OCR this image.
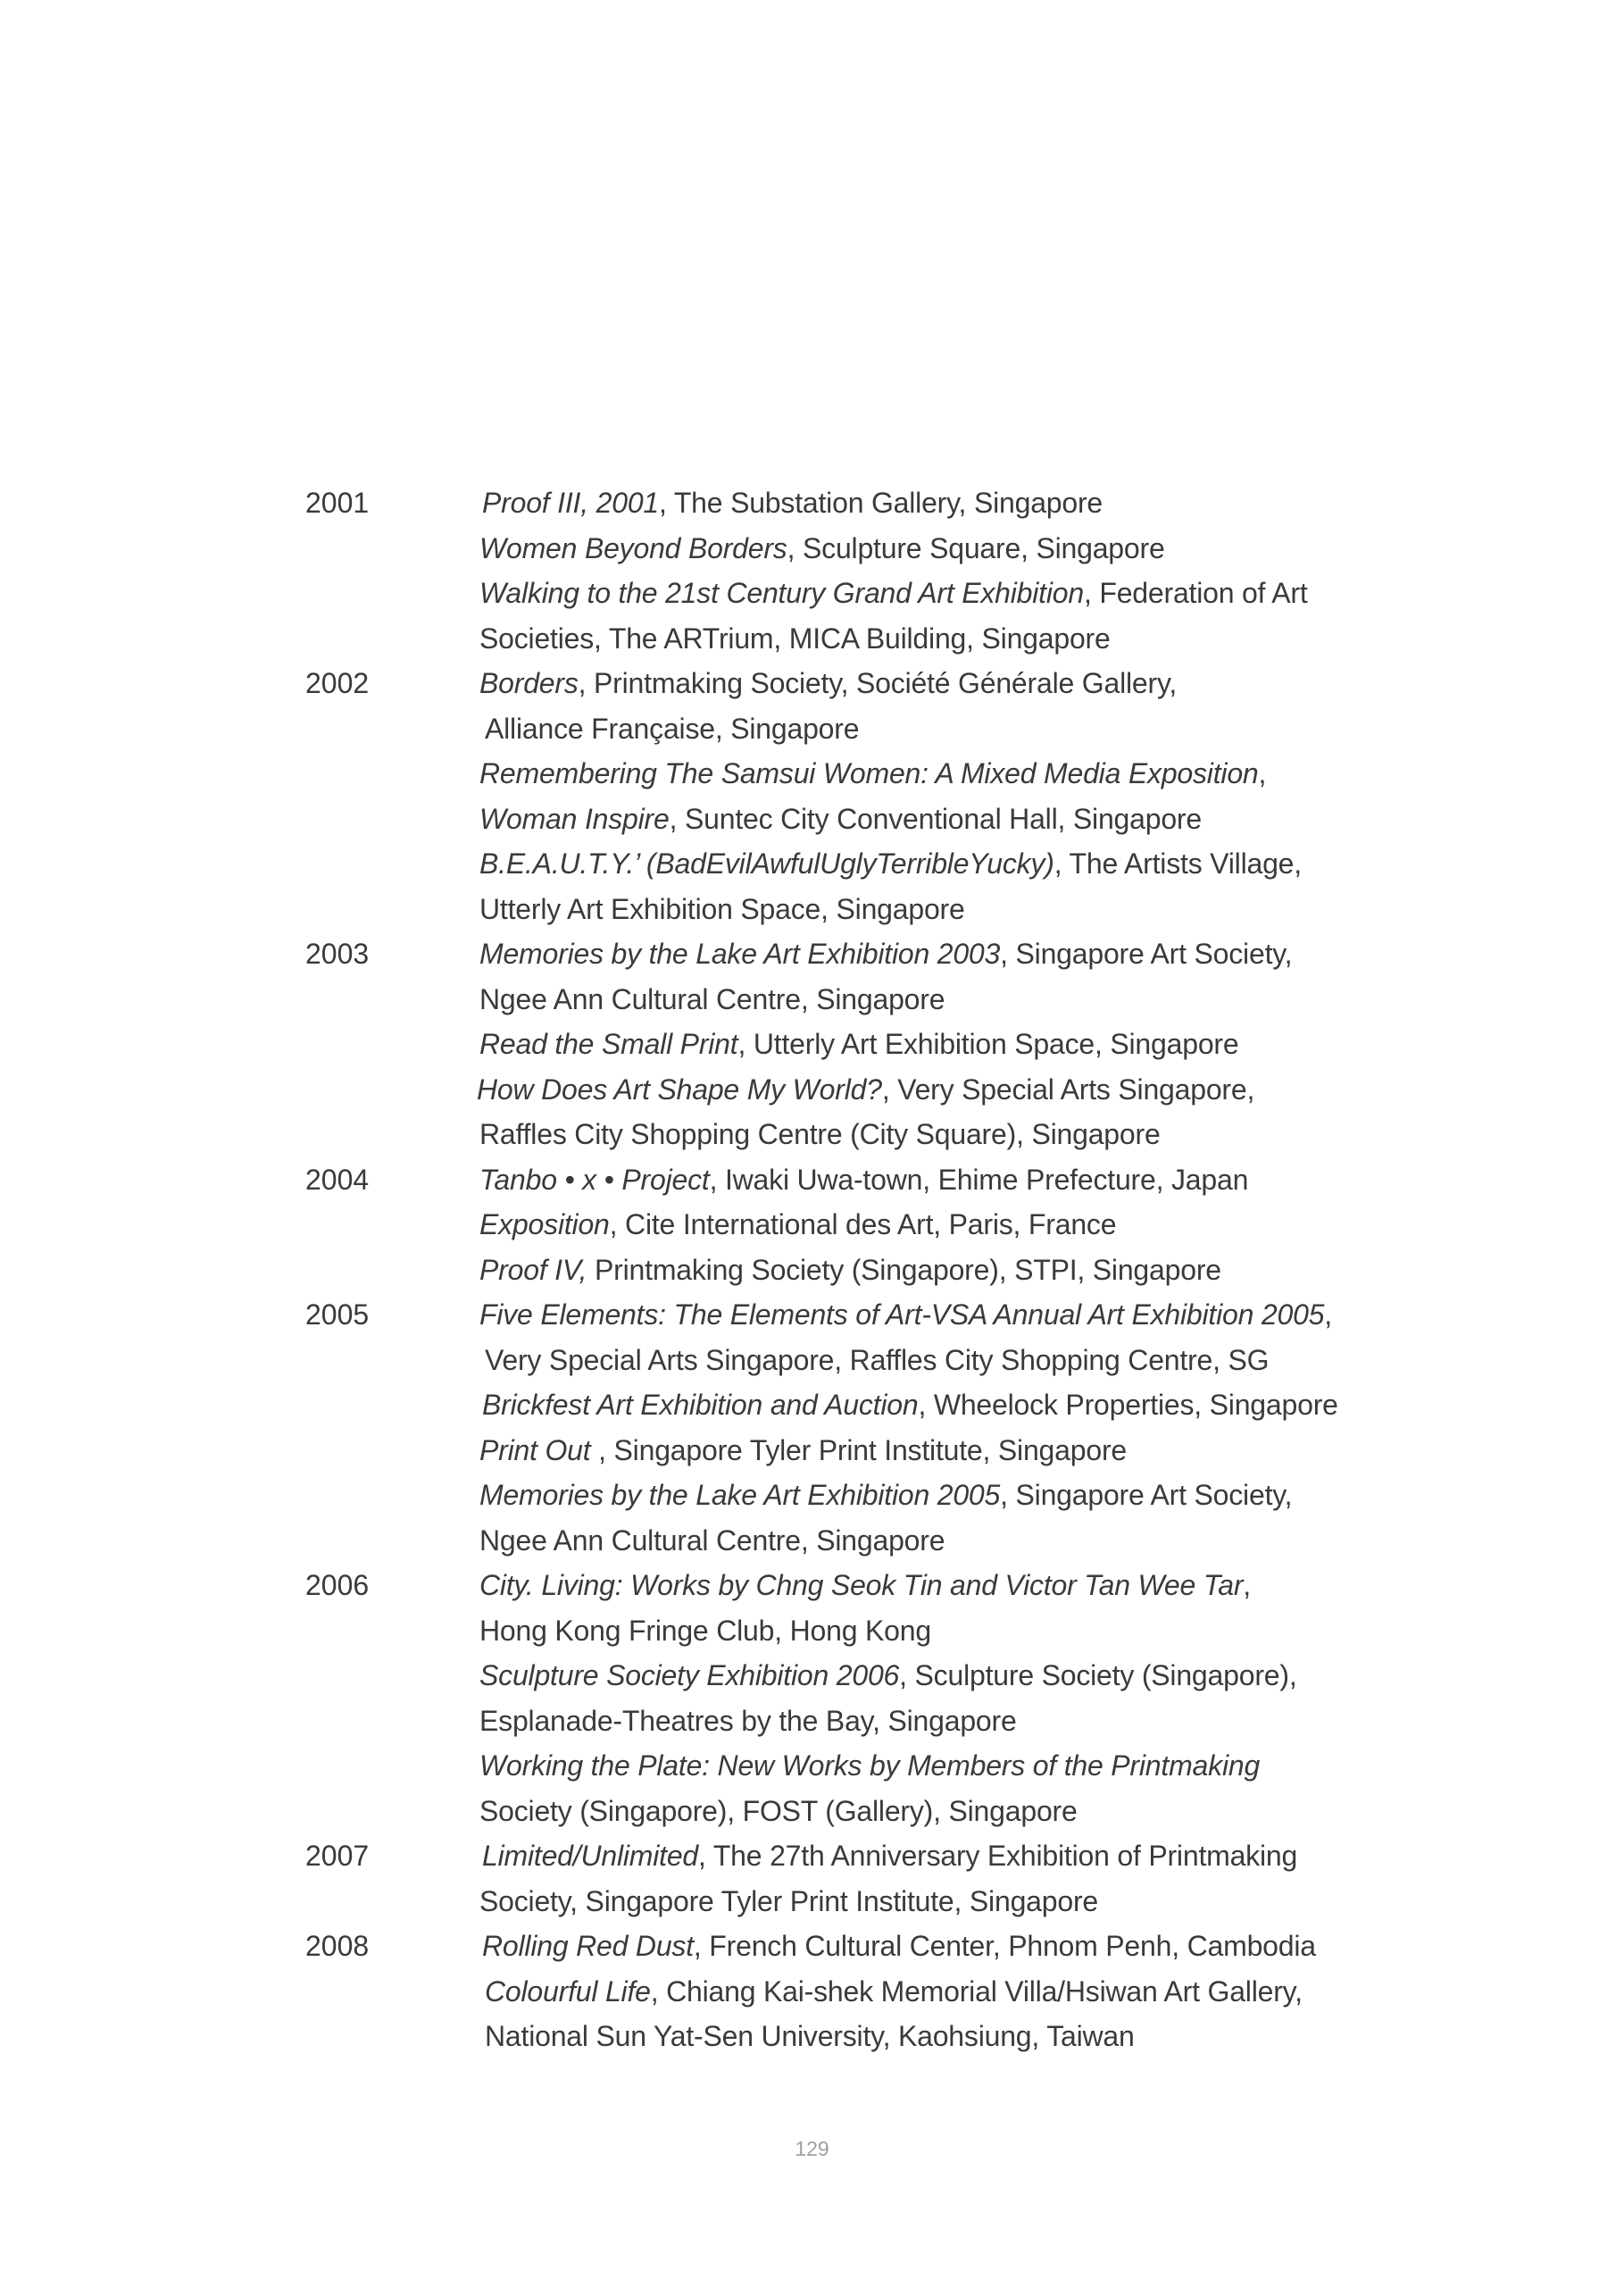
2001	Proof III, 2001, The Substation Gallery, Singapore
Women Beyond Borders, Sculpture Square, Singapore
Walking to the 21st Century Grand Art Exhibition, Federation of Art
Societies, The ARTrium, MICA Building, Singapore
2002	Borders, Printmaking Society, Société Générale Gallery,
Alliance Française, Singapore
Remembering The Samsui Women: A Mixed Media Exposition,
Woman Inspire, Suntec City Conventional Hall, Singapore
B.E.A.U.T.Y.’ (BadEvilAwfulUglyTerribleYucky), The Artists Village,
Utterly Art Exhibition Space, Singapore
2003	Memories by the Lake Art Exhibition 2003, Singapore Art Society,
Ngee Ann Cultural Centre, Singapore
Read the Small Print, Utterly Art Exhibition Space, Singapore
How Does Art Shape My World?, Very Special Arts Singapore,
Raffles City Shopping Centre (City Square), Singapore
2004	Tanbo • x • Project, Iwaki Uwa-town, Ehime Prefecture, Japan
Exposition, Cite International des Art, Paris, France
Proof IV, Printmaking Society (Singapore), STPI, Singapore
2005	Five Elements: The Elements of Art-VSA Annual Art Exhibition 2005,
Very Special Arts Singapore, Raffles City Shopping Centre, SG
Brickfest Art Exhibition and Auction, Wheelock Properties, Singapore
Print Out , Singapore Tyler Print Institute, Singapore
Memories by the Lake Art Exhibition 2005, Singapore Art Society,
Ngee Ann Cultural Centre, Singapore
2006	City. Living: Works by Chng Seok Tin and Victor Tan Wee Tar,
Hong Kong Fringe Club, Hong Kong
Sculpture Society Exhibition 2006, Sculpture Society (Singapore),
Esplanade-Theatres by the Bay, Singapore
Working the Plate: New Works by Members of the Printmaking
Society (Singapore), FOST (Gallery), Singapore
2007	Limited/Unlimited, The 27th Anniversary Exhibition of Printmaking
Society, Singapore Tyler Print Institute, Singapore
2008	Rolling Red Dust, French Cultural Center, Phnom Penh, Cambodia
Colourful Life, Chiang Kai-shek Memorial Villa/Hsiwan Art Gallery,
National Sun Yat-Sen University, Kaohsiung, Taiwan
129
